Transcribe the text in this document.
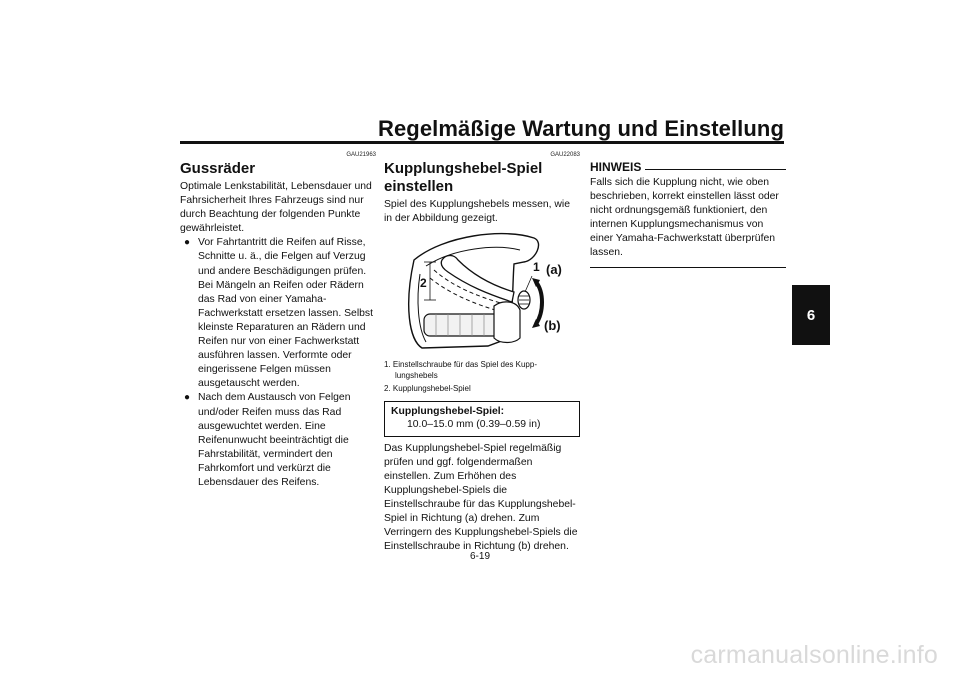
Regelmäßige Wartung und Einstellung
6
GAU21963
Gussräder

Optimale Lenkstabilität, Lebensdauer und Fahrsicherheit Ihres Fahrzeugs sind nur durch Beachtung der folgenden Punkte gewährleistet.

● Vor Fahrtantritt die Reifen auf Risse, Schnitte u. ä., die Felgen auf Verzug und andere Beschädigungen prüfen. Bei Mängeln an Reifen oder Rädern das Rad von einer Yamaha-Fachwerkstatt ersetzen lassen. Selbst kleinste Reparaturen an Rädern und Reifen nur von einer Fachwerkstatt ausführen lassen. Verformte oder eingerissene Felgen müssen ausgetauscht werden.
● Nach dem Austausch von Felgen und/oder Reifen muss das Rad ausgewuchtet werden. Eine Reifenunwucht beeinträchtigt die Fahrstabilität, vermindert den Fahrkomfort und verkürzt die Lebensdauer des Reifens.
GAU22083
Kupplungshebel-Spiel einstellen

Spiel des Kupplungshebels messen, wie in der Abbildung gezeigt.

1
2
(a)
(b)
1. Einstellschraube für das Spiel des Kupp-
lungshebels
2. Kupplungshebel-Spiel
Kupplungshebel-Spiel:
10.0–15.0 mm (0.39–0.59 in)

Das Kupplungshebel-Spiel regelmäßig prüfen und ggf. folgendermaßen einstellen. Zum Erhöhen des Kupplungshebel-Spiels die Einstellschraube für das Kupplungshebel-Spiel in Richtung (a) drehen. Zum Verringern des Kupplungshebel-Spiels die Einstellschraube in Richtung (b) drehen.

HINWEIS

Falls sich die Kupplung nicht, wie oben beschrieben, korrekt einstellen lässt oder nicht ordnungsgemäß funktioniert, den internen Kupplungsmechanismus von einer Yamaha-Fachwerkstatt überprüfen lassen.

6-19
carmanualsonline.info
